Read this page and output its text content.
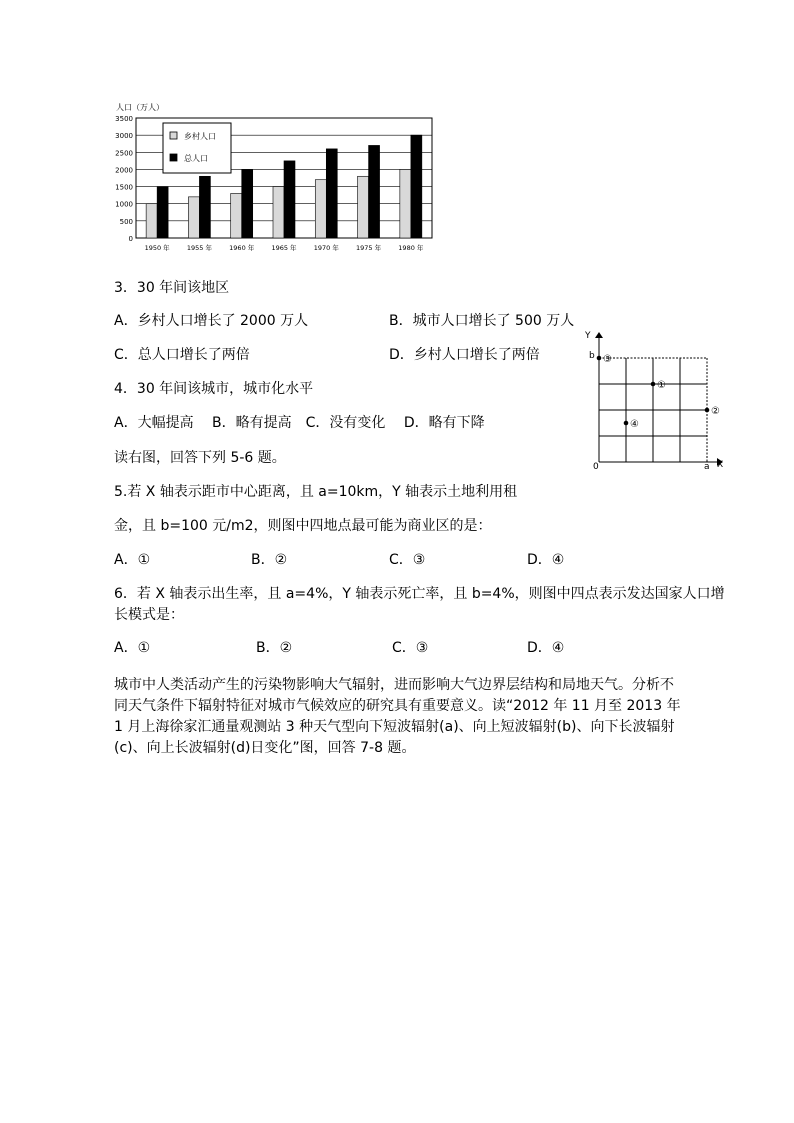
人口（万人）
0
500
1000
1500
2000
2500
3000
3500
1950 年	1955 年	1960 年	1965 年	1970 年	1975 年	1980 年
乡村人口
总人口
Y
X
0	a
b
①
②
③
④
3．30 年间该地区
A．乡村人口增长了 2000 万人	B．城市人口增长了 500 万人
C．总人口增长了两倍	D．乡村人口增长了两倍
4．30 年间该城市，城市化水平
A．大幅提高　 B．略有提高　C．没有变化　 D．略有下降
读右图，回答下列 5-6 题。
5.若 X 轴表示距市中心距离，且 a=10km，Y 轴表示土地利用租
金，且 b=100 元/m2，则图中四地点最可能为商业区的是：
A．①	B．②	C．③	D．④
6．若 X 轴表示出生率，且 a=4%，Y 轴表示死亡率，且 b=4%，则图中四点表示发达国家人口增
长模式是：
A．①	B．②	C．③	D．④
城市中人类活动产生的污染物影响大气辐射，进而影响大气边界层结构和局地天气。分析不同天气条件下辐射特征对城市气候效应的研究具有重要意义。读“2012 年 11 月至 2013 年 1 月上海徐家汇通量观测站 3 种天气型向下短波辐射(a)、向上短波辐射(b)、向下长波辐射(c)、向上长波辐射(d)日变化”图，回答 7-8 题。
